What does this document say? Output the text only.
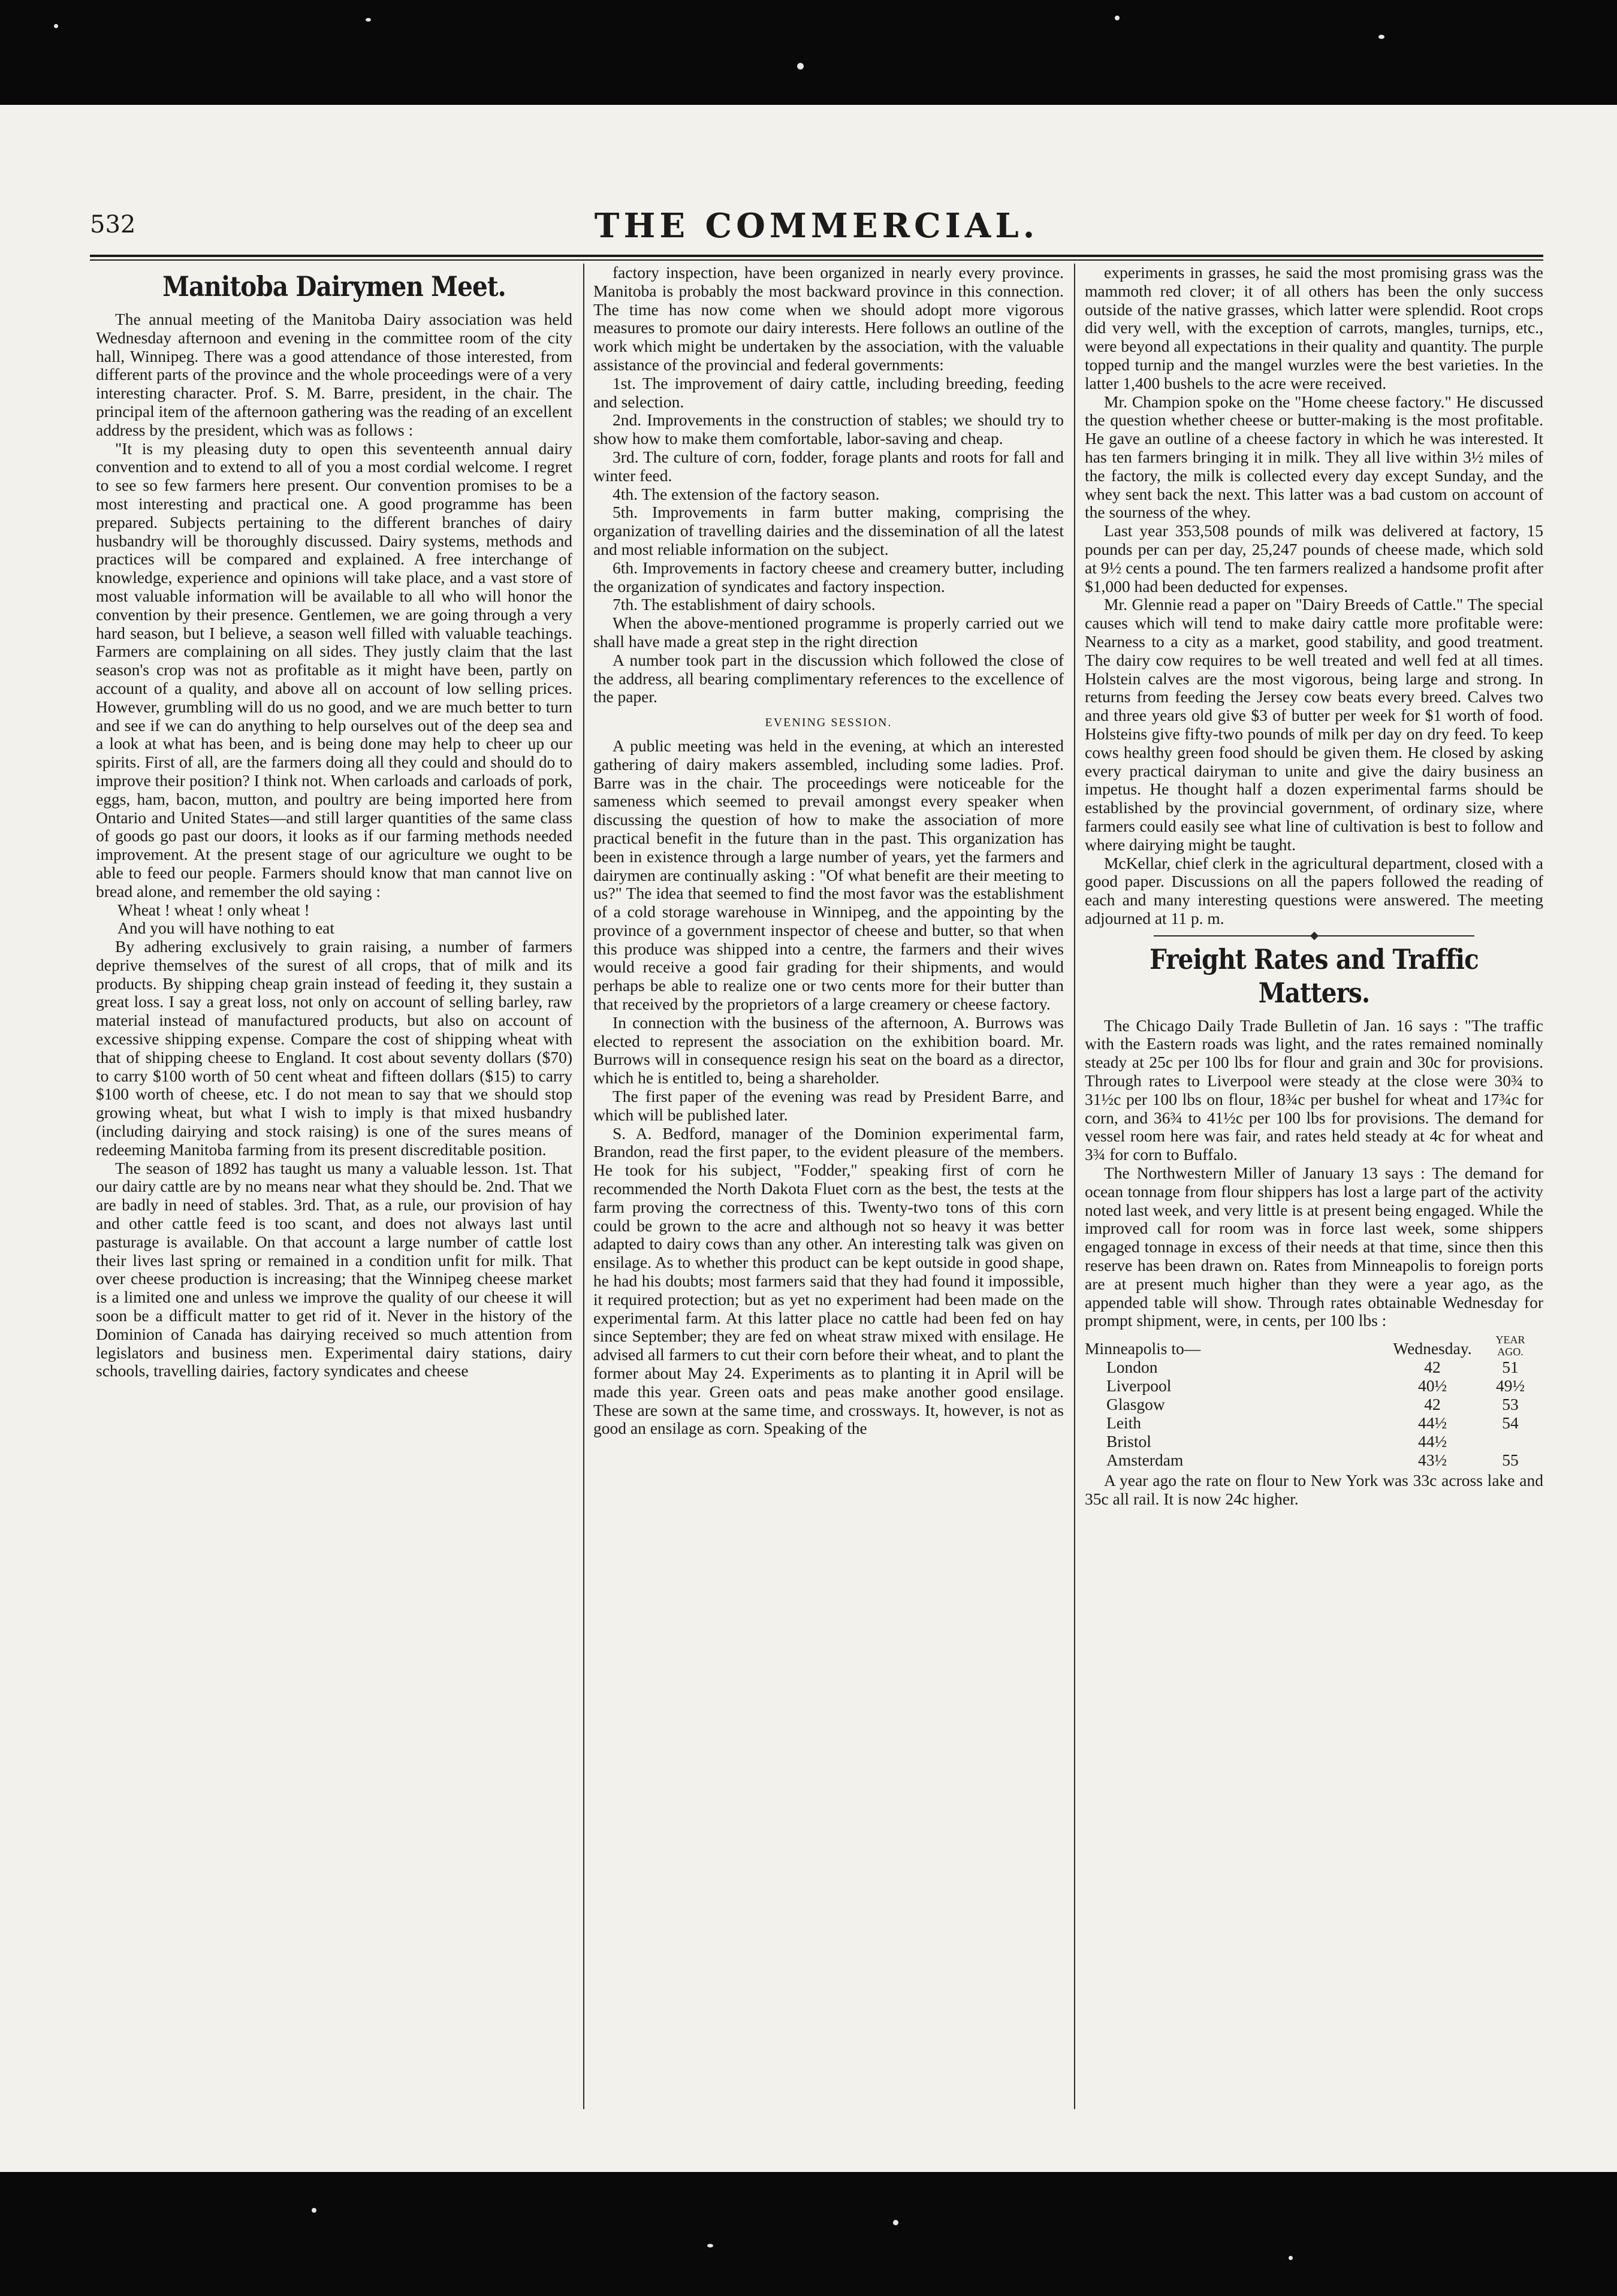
532	THE COMMERCIAL.
Manitoba Dairymen Meet.

The annual meeting of the Manitoba Dairy association was held Wednesday afternoon and evening in the committee room of the city hall, Winnipeg. There was a good attendance of those interested, from different parts of the province and the whole proceedings were of a very interesting character. Prof. S. M. Barre, president, in the chair. The principal item of the afternoon gathering was the reading of an excellent address by the president, which was as follows :

"It is my pleasing duty to open this seventeenth annual dairy convention and to extend to all of you a most cordial welcome. I regret to see so few farmers here present. Our convention promises to be a most interesting and practical one. A good programme has been prepared. Subjects pertaining to the different branches of dairy husbandry will be thoroughly discussed. Dairy systems, methods and practices will be compared and explained. A free interchange of knowledge, experience and opinions will take place, and a vast store of most valuable information will be available to all who will honor the convention by their presence. Gentlemen, we are going through a very hard season, but I believe, a season well filled with valuable teachings. Farmers are complaining on all sides. They justly claim that the last season's crop was not as profitable as it might have been, partly on account of a quality, and above all on account of low selling prices. However, grumbling will do us no good, and we are much better to turn and see if we can do anything to help ourselves out of the deep sea and a look at what has been, and is being done may help to cheer up our spirits. First of all, are the farmers doing all they could and should do to improve their position? I think not. When carloads and carloads of pork, eggs, ham, bacon, mutton, and poultry are being imported here from Ontario and United States—and still larger quantities of the same class of goods go past our doors, it looks as if our farming methods needed improvement. At the present stage of our agriculture we ought to be able to feed our people. Farmers should know that man cannot live on bread alone, and remember the old saying :

Wheat ! wheat ! only wheat !

And you will have nothing to eat

By adhering exclusively to grain raising, a number of farmers deprive themselves of the surest of all crops, that of milk and its products. By shipping cheap grain instead of feeding it, they sustain a great loss. I say a great loss, not only on account of selling barley, raw material instead of manufactured products, but also on account of excessive shipping expense. Compare the cost of shipping wheat with that of shipping cheese to England. It cost about seventy dollars ($70) to carry $100 worth of 50 cent wheat and fifteen dollars ($15) to carry $100 worth of cheese, etc. I do not mean to say that we should stop growing wheat, but what I wish to imply is that mixed husbandry (including dairying and stock raising) is one of the sures means of redeeming Manitoba farming from its present discreditable position.

The season of 1892 has taught us many a valuable lesson. 1st. That our dairy cattle are by no means near what they should be. 2nd. That we are badly in need of stables. 3rd. That, as a rule, our provision of hay and other cattle feed is too scant, and does not always last until pasturage is available. On that account a large number of cattle lost their lives last spring or remained in a condition unfit for milk. That over cheese production is increasing; that the Winnipeg cheese market is a limited one and unless we improve the quality of our cheese it will soon be a difficult matter to get rid of it. Never in the history of the Dominion of Canada has dairying received so much attention from legislators and business men. Experimental dairy stations, dairy schools, travelling dairies, factory syndicates and cheese

factory inspection, have been organized in nearly every province. Manitoba is probably the most backward province in this connection. The time has now come when we should adopt more vigorous measures to promote our dairy interests. Here follows an outline of the work which might be undertaken by the association, with the valuable assistance of the provincial and federal governments:

1st. The improvement of dairy cattle, including breeding, feeding and selection.
2nd. Improvements in the construction of stables; we should try to show how to make them comfortable, labor-saving and cheap.
3rd. The culture of corn, fodder, forage plants and roots for fall and winter feed.
4th. The extension of the factory season.
5th. Improvements in farm butter making, comprising the organization of travelling dairies and the dissemination of all the latest and most reliable information on the subject.
6th. Improvements in factory cheese and creamery butter, including the organization of syndicates and factory inspection.
7th. The establishment of dairy schools.

When the above-mentioned programme is properly carried out we shall have made a great step in the right direction

A number took part in the discussion which followed the close of the address, all bearing complimentary references to the excellence of the paper.

EVENING SESSION.

A public meeting was held in the evening, at which an interested gathering of dairy makers assembled, including some ladies. Prof. Barre was in the chair. The proceedings were noticeable for the sameness which seemed to prevail amongst every speaker when discussing the question of how to make the association of more practical benefit in the future than in the past. This organization has been in existence through a large number of years, yet the farmers and dairymen are continually asking : "Of what benefit are their meeting to us?" The idea that seemed to find the most favor was the establishment of a cold storage warehouse in Winnipeg, and the appointing by the province of a government inspector of cheese and butter, so that when this produce was shipped into a centre, the farmers and their wives would receive a good fair grading for their shipments, and would perhaps be able to realize one or two cents more for their butter than that received by the proprietors of a large creamery or cheese factory.

In connection with the business of the afternoon, A. Burrows was elected to represent the association on the exhibition board. Mr. Burrows will in consequence resign his seat on the board as a director, which he is entitled to, being a shareholder.

The first paper of the evening was read by President Barre, and which will be published later.

S. A. Bedford, manager of the Dominion experimental farm, Brandon, read the first paper, to the evident pleasure of the members. He took for his subject, "Fodder," speaking first of corn he recommended the North Dakota Fluet corn as the best, the tests at the farm proving the correctness of this. Twenty-two tons of this corn could be grown to the acre and although not so heavy it was better adapted to dairy cows than any other. An interesting talk was given on ensilage. As to whether this product can be kept outside in good shape, he had his doubts; most farmers said that they had found it impossible, it required protection; but as yet no experiment had been made on the experimental farm. At this latter place no cattle had been fed on hay since September; they are fed on wheat straw mixed with ensilage. He advised all farmers to cut their corn before their wheat, and to plant the former about May 24. Experiments as to planting it in April will be made this year. Green oats and peas make another good ensilage. These are sown at the same time, and crossways. It, however, is not as good an ensilage as corn. Speaking of the

experiments in grasses, he said the most promising grass was the mammoth red clover; it of all others has been the only success outside of the native grasses, which latter were splendid. Root crops did very well, with the exception of carrots, mangles, turnips, etc., were beyond all expectations in their quality and quantity. The purple topped turnip and the mangel wurzles were the best varieties. In the latter 1,400 bushels to the acre were received.

Mr. Champion spoke on the "Home cheese factory." He discussed the question whether cheese or butter-making is the most profitable. He gave an outline of a cheese factory in which he was interested. It has ten farmers bringing it in milk. They all live within 3½ miles of the factory, the milk is collected every day except Sunday, and the whey sent back the next. This latter was a bad custom on account of the sourness of the whey.

Last year 353,508 pounds of milk was delivered at factory, 15 pounds per can per day, 25,247 pounds of cheese made, which sold at 9½ cents a pound. The ten farmers realized a handsome profit after $1,000 had been deducted for expenses.

Mr. Glennie read a paper on "Dairy Breeds of Cattle." The special causes which will tend to make dairy cattle more profitable were: Nearness to a city as a market, good stability, and good treatment. The dairy cow requires to be well treated and well fed at all times. Holstein calves are the most vigorous, being large and strong. In returns from feeding the Jersey cow beats every breed. Calves two and three years old give $3 of butter per week for $1 worth of food. Holsteins give fifty-two pounds of milk per day on dry feed. To keep cows healthy green food should be given them. He closed by asking every practical dairyman to unite and give the dairy business an impetus. He thought half a dozen experimental farms should be established by the provincial government, of ordinary size, where farmers could easily see what line of cultivation is best to follow and where dairying might be taught.

McKellar, chief clerk in the agricultural department, closed with a good paper. Discussions on all the papers followed the reading of each and many interesting questions were answered. The meeting adjourned at 11 p. m.

Freight Rates and Traffic Matters.

The Chicago Daily Trade Bulletin of Jan. 16 says : "The traffic with the Eastern roads was light, and the rates remained nominally steady at 25c per 100 lbs for flour and grain and 30c for provisions. Through rates to Liverpool were steady at the close were 30¾ to 31½c per 100 lbs on flour, 18¾c per bushel for wheat and 17¾c for corn, and 36¾ to 41½c per 100 lbs for provisions. The demand for vessel room here was fair, and rates held steady at 4c for wheat and 3¾ for corn to Buffalo.

The Northwestern Miller of January 13 says : The demand for ocean tonnage from flour shippers has lost a large part of the activity noted last week, and very little is at present being engaged. While the improved call for room was in force last week, some shippers engaged tonnage in excess of their needs at that time, since then this reserve has been drawn on. Rates from Minneapolis to foreign ports are at present much higher than they were a year ago, as the appended table will show. Through rates obtainable Wednesday for prompt shipment, were, in cents, per 100 lbs :

Minneapolis to—	Wednesday.	YEAR
AGO.

London	42	51
Liverpool	40½	49½
Glasgow	42	53
Leith	44½	54
Bristol	44½	
Amsterdam	43½	55

A year ago the rate on flour to New York was 33c across lake and 35c all rail. It is now 24c higher.
